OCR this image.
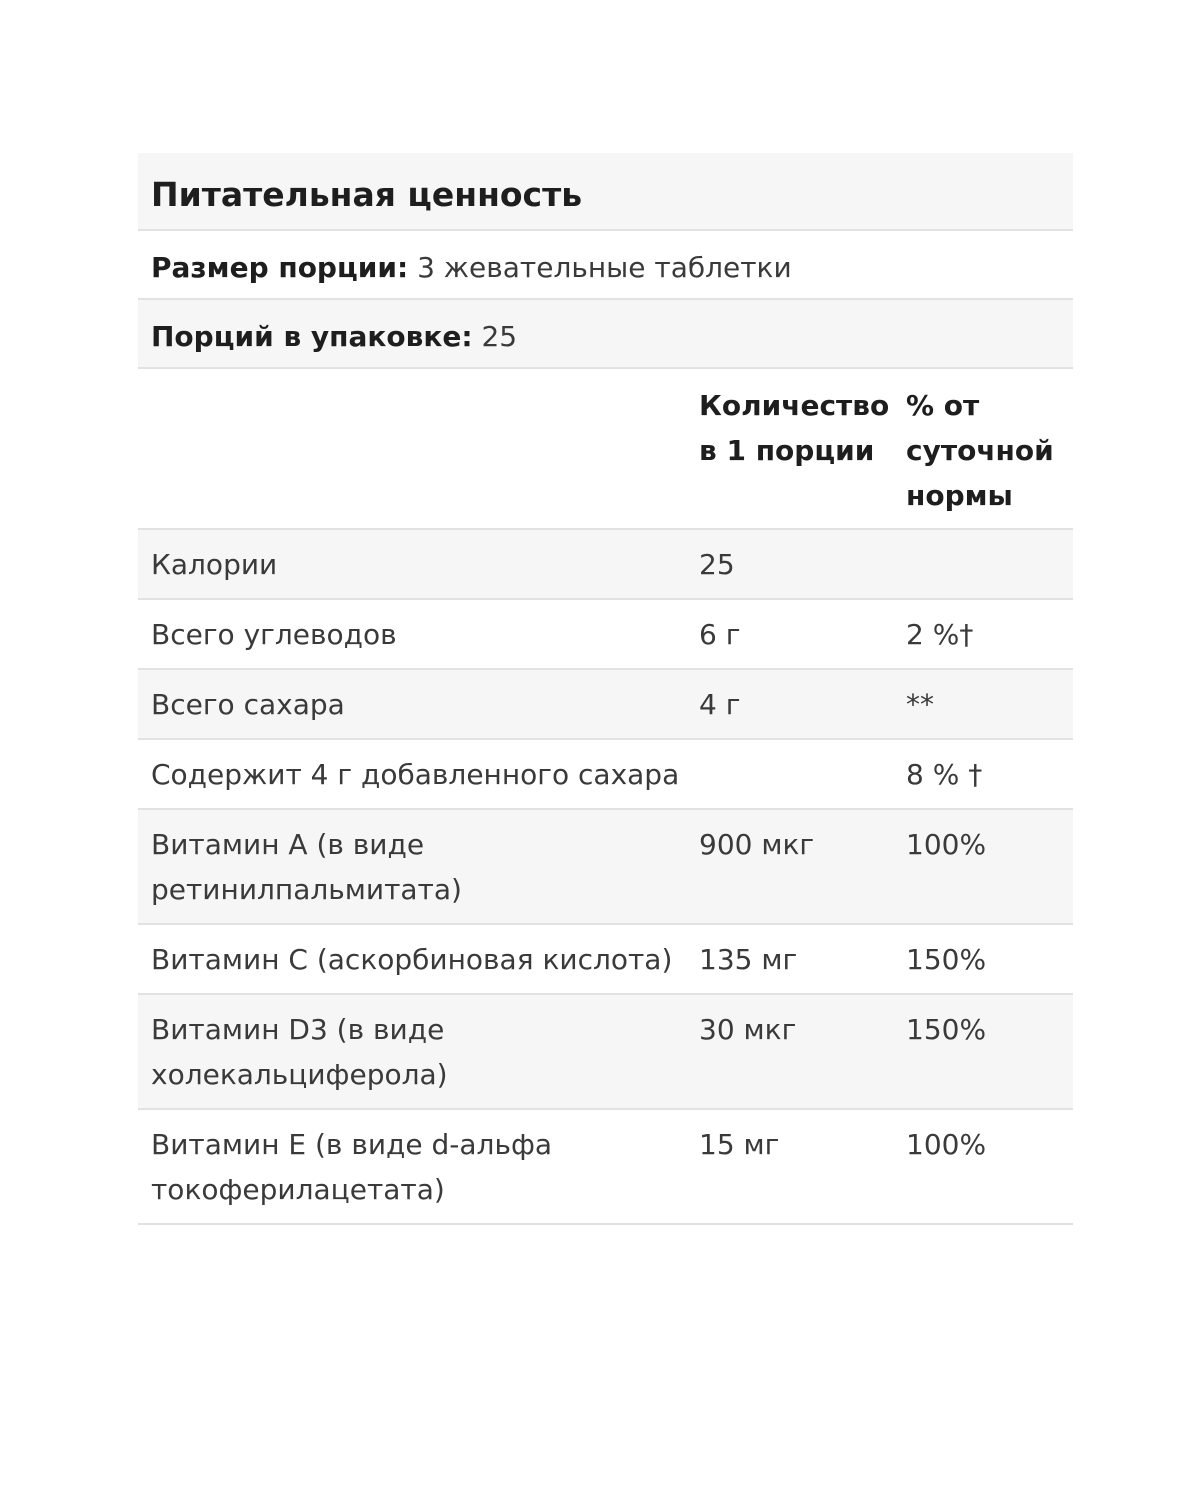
Питательная ценность
Размер порции: 3 жевательные таблетки
Порций в упаковке: 25
	Количество в 1 порции	% от суточной нормы
Калории	25	
Всего углеводов	6 г	2 %†
Всего сахара	4 г	**
Содержит 4 г добавленного сахара		8 % †
Витамин A (в виде ретинилпальмитата)	900 мкг	100%
Витамин C (аскорбиновая кислота)	135 мг	150%
Витамин D3 (в виде холекальциферола)	30 мкг	150%
Витамин E (в виде d-альфа токоферилацетата)	15 мг	100%
